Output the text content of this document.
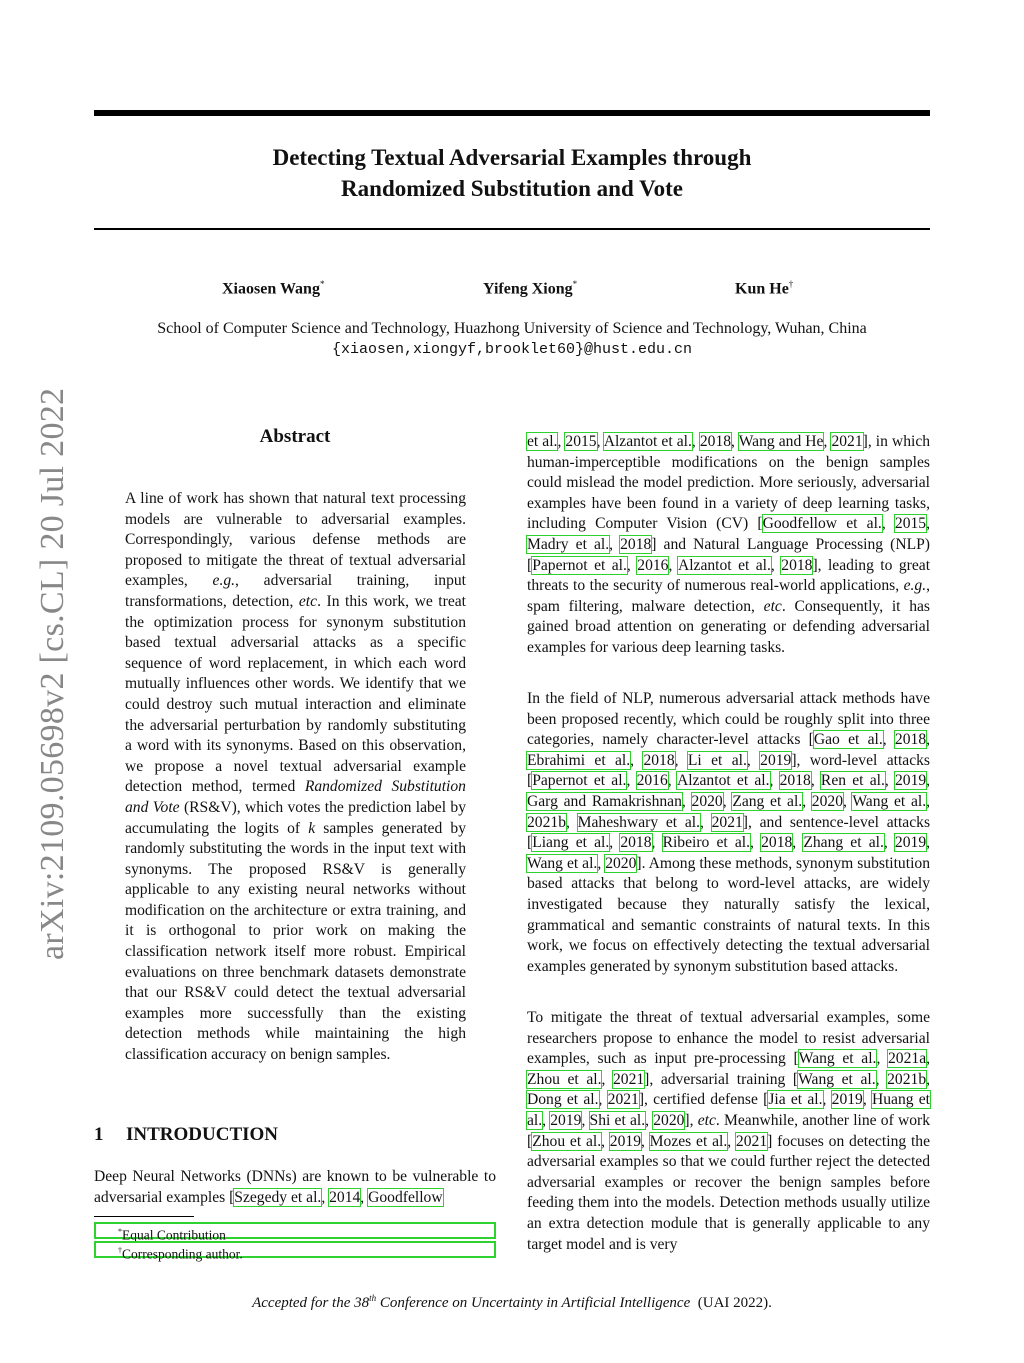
arXiv:2109.05698v2 [cs.CL] 20 Jul 2022
Detecting Textual Adversarial Examples through
Randomized Substitution and Vote
Xiaosen Wang*	Yifeng Xiong*	Kun He†
School of Computer Science and Technology, Huazhong University of Science and Technology, Wuhan, China
{xiaosen,xiongyf,brooklet60}@hust.edu.cn
Abstract

A line of work has shown that natural text processing models are vulnerable to adversarial examples. Correspondingly, various defense methods are proposed to mitigate the threat of textual adversarial examples, e.g., adversarial training, input transformations, detection, etc. In this work, we treat the optimization process for synonym substitution based textual adversarial attacks as a specific sequence of word replacement, in which each word mutually influences other words. We identify that we could destroy such mutual interaction and eliminate the adversarial perturbation by randomly substituting a word with its synonyms. Based on this observation, we propose a novel textual adversarial example detection method, termed Randomized Substitution and Vote (RS&V), which votes the prediction label by accumulating the logits of k samples generated by randomly substituting the words in the input text with synonyms. The proposed RS&V is generally applicable to any existing neural networks without modification on the architecture or extra training, and it is orthogonal to prior work on making the classification network itself more robust. Empirical evaluations on three benchmark datasets demonstrate that our RS&V could detect the textual adversarial examples more successfully than the existing detection methods while maintaining the high classification accuracy on benign samples.

1 INTRODUCTION

Deep Neural Networks (DNNs) are known to be vulnerable to adversarial examples [Szegedy et al., 2014, Goodfellow

*Equal Contribution
†Corresponding author.

et al., 2015, Alzantot et al., 2018, Wang and He, 2021], in which human-imperceptible modifications on the benign samples could mislead the model prediction. More seriously, adversarial examples have been found in a variety of deep learning tasks, including Computer Vision (CV) [Goodfellow et al., 2015, Madry et al., 2018] and Natural Language Processing (NLP) [Papernot et al., 2016, Alzantot et al., 2018], leading to great threats to the security of numerous real-world applications, e.g., spam filtering, malware detection, etc. Consequently, it has gained broad attention on generating or defending adversarial examples for various deep learning tasks.

In the field of NLP, numerous adversarial attack methods have been proposed recently, which could be roughly split into three categories, namely character-level attacks [Gao et al., 2018, Ebrahimi et al., 2018, Li et al., 2019], word-level attacks [Papernot et al., 2016, Alzantot et al., 2018, Ren et al., 2019, Garg and Ramakrishnan, 2020, Zang et al., 2020, Wang et al., 2021b, Maheshwary et al., 2021], and sentence-level attacks [Liang et al., 2018, Ribeiro et al., 2018, Zhang et al., 2019, Wang et al., 2020]. Among these methods, synonym substitution based attacks that belong to word-level attacks, are widely investigated because they naturally satisfy the lexical, grammatical and semantic constraints of natural texts. In this work, we focus on effectively detecting the textual adversarial examples generated by synonym substitution based attacks.

To mitigate the threat of textual adversarial examples, some researchers propose to enhance the model to resist adversarial examples, such as input pre-processing [Wang et al., 2021a, Zhou et al., 2021], adversarial training [Wang et al., 2021b, Dong et al., 2021], certified defense [Jia et al., 2019, Huang et al., 2019, Shi et al., 2020], etc. Meanwhile, another line of work [Zhou et al., 2019, Mozes et al., 2021] focuses on detecting the adversarial examples so that we could further reject the detected adversarial examples or recover the benign samples before feeding them into the models. Detection methods usually utilize an extra detection module that is generally applicable to any target model and is very

Accepted for the 38th Conference on Uncertainty in Artificial Intelligence (UAI 2022).
